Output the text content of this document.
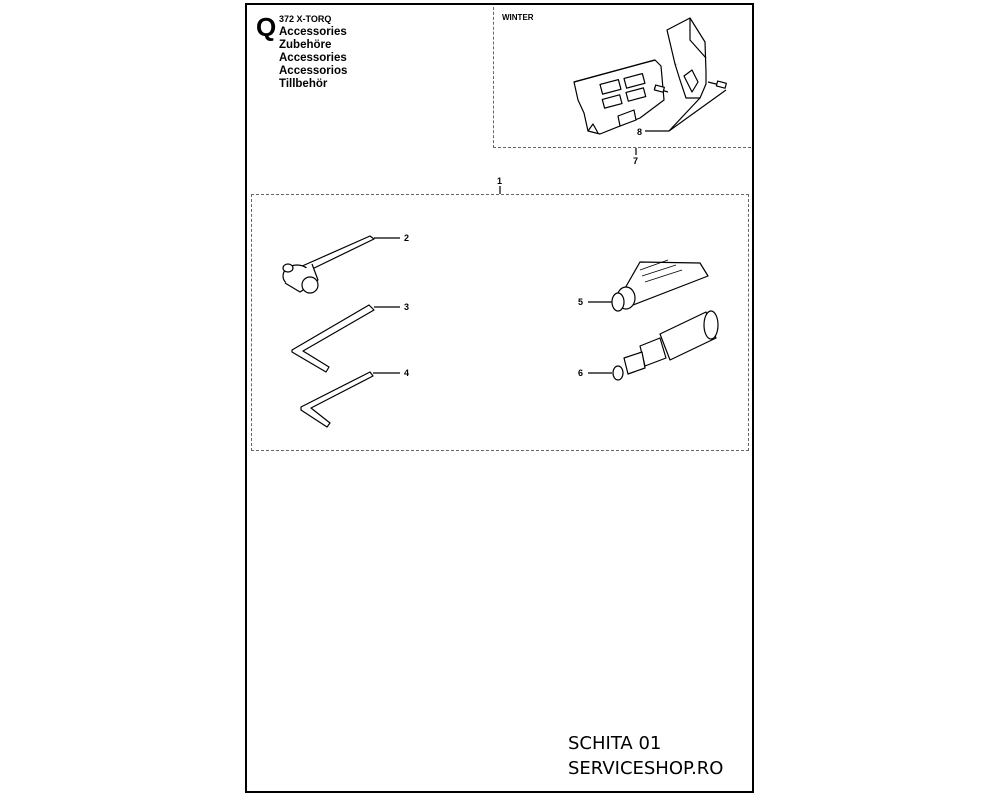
Q 372 X-TORQ
Accessories
Zubehöre
Accessories
Accessorios
Tillbehör
WINTER
7
8
1
2
3
4
5
6
SCHITA 01
SERVICESHOP.RO
